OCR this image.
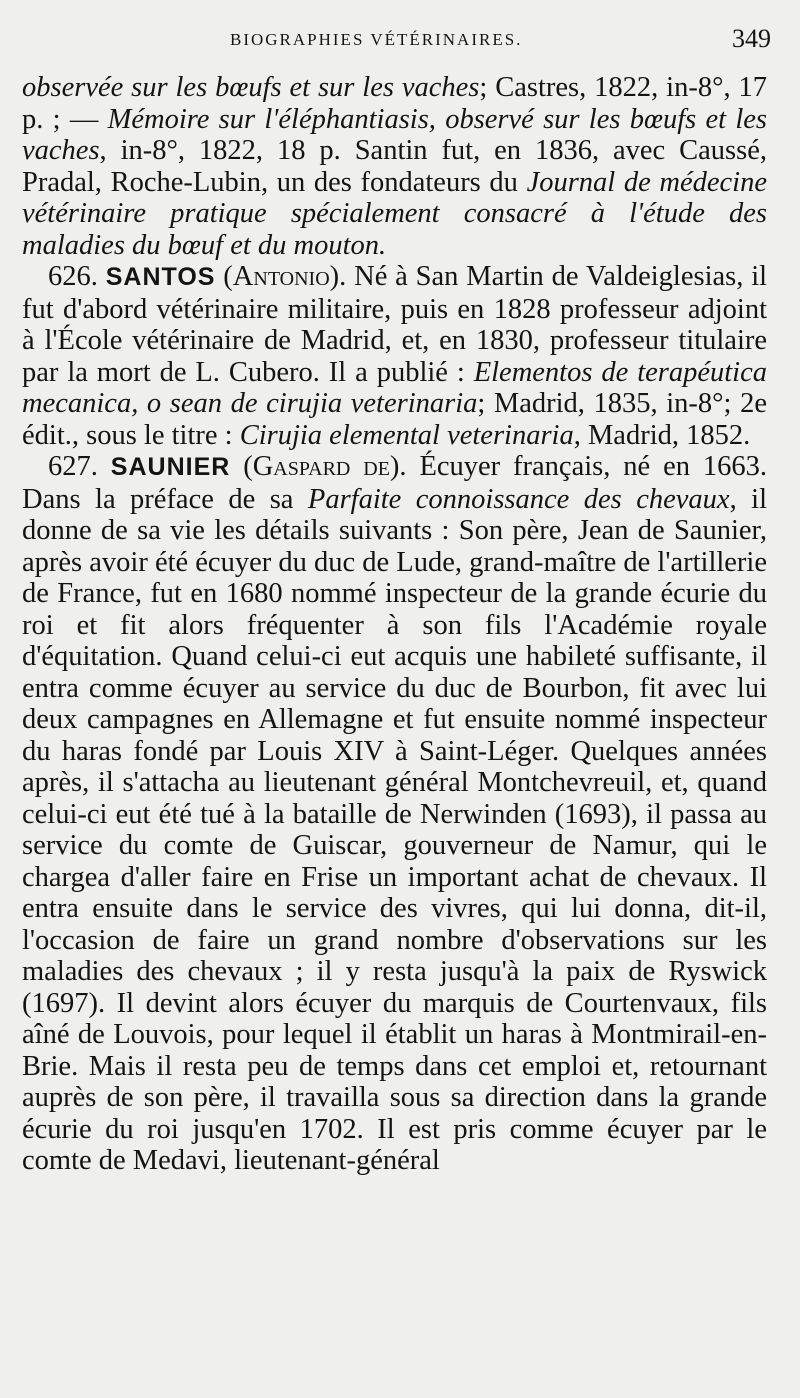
BIOGRAPHIES VÉTÉRINAIRES.	349

observée sur les bœufs et sur les vaches; Castres, 1822, in-8°, 17 p. ; — Mémoire sur l'éléphantiasis, observé sur les bœufs et les vaches, in-8°, 1822, 18 p. Santin fut, en 1836, avec Caussé, Pradal, Roche-Lubin, un des fondateurs du Journal de médecine vétérinaire pratique spécialement consacré à l'étude des maladies du bœuf et du mouton.

626. SANTOS (Antonio). Né à San Martin de Valdeiglesias, il fut d'abord vétérinaire militaire, puis en 1828 professeur adjoint à l'École vétérinaire de Madrid, et, en 1830, professeur titulaire par la mort de L. Cubero. Il a publié : Elementos de terapéutica mecanica, o sean de cirujia veterinaria; Madrid, 1835, in-8°; 2e édit., sous le titre : Cirujia elemental veterinaria, Madrid, 1852.

627. SAUNIER (Gaspard de). Écuyer français, né en 1663. Dans la préface de sa Parfaite connoissance des chevaux, il donne de sa vie les détails suivants : Son père, Jean de Saunier, après avoir été écuyer du duc de Lude, grand-maître de l'artillerie de France, fut en 1680 nommé inspecteur de la grande écurie du roi et fit alors fréquenter à son fils l'Académie royale d'équitation. Quand celui-ci eut acquis une habileté suffisante, il entra comme écuyer au service du duc de Bourbon, fit avec lui deux campagnes en Allemagne et fut ensuite nommé inspecteur du haras fondé par Louis XIV à Saint-Léger. Quelques années après, il s'attacha au lieutenant général Montchevreuil, et, quand celui-ci eut été tué à la bataille de Nerwinden (1693), il passa au service du comte de Guiscar, gouverneur de Namur, qui le chargea d'aller faire en Frise un important achat de chevaux. Il entra ensuite dans le service des vivres, qui lui donna, dit-il, l'occasion de faire un grand nombre d'observations sur les maladies des chevaux ; il y resta jusqu'à la paix de Ryswick (1697). Il devint alors écuyer du marquis de Courtenvaux, fils aîné de Louvois, pour lequel il établit un haras à Montmirail-en-Brie. Mais il resta peu de temps dans cet emploi et, retournant auprès de son père, il travailla sous sa direction dans la grande écurie du roi jusqu'en 1702. Il est pris comme écuyer par le comte de Medavi, lieutenant-général
